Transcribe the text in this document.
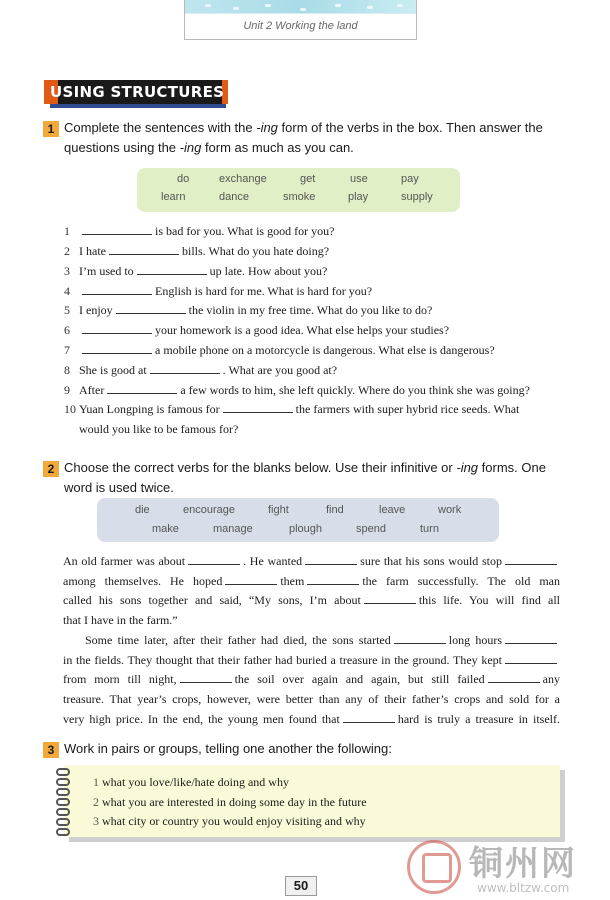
Unit 2 Working the land
USING STRUCTURES
1 Complete the sentences with the -ing form of the verbs in the box. Then answer the
questions using the -ing form as much as you can.
do	exchange	get	use	pay
learn	dance	smoke	play	supply
1	is bad for you. What is good for you?
2 I hate	bills. What do you hate doing?
3 I’m used to	up late. How about you?
4	English is hard for me. What is hard for you?
5 I enjoy	the violin in my free time. What do you like to do?
6	your homework is a good idea. What else helps your studies?
7	a mobile phone on a motorcycle is dangerous. What else is dangerous?
8 She is good at	. What are you good at?
9 After	a few words to him, she left quickly. Where do you think she was going?
10 Yuan Longping is famous for	the farmers with super hybrid rice seeds. What
would you like to be famous for?
2 Choose the correct verbs for the blanks below. Use their infinitive or -ing forms. One
word is used twice.
die	encourage	fight	find	leave	work
make	manage	plough	spend	turn
An old farmer was about	. He wanted	sure that his sons would stop
among themselves. He hoped	them	the farm successfully. The old man
called his sons together and said, “My sons, I’m about	this life. You will find all
that I have in the farm.”
Some time later, after their father had died, the sons started	long hours
in the fields. They thought that their father had buried a treasure in the ground. They kept
from morn till night,	the soil over again and again, but still failed	any
treasure. That year’s crops, however, were better than any of their father’s crops and sold for a
very high price. In the end, the young men found that	hard is truly a treasure in itself.
3 Work in pairs or groups, telling one another the following:
1 what you love/like/hate doing and why
2 what you are interested in doing some day in the future
3 what city or country you would enjoy visiting and why
50
铜州网
www.bltzw.com
